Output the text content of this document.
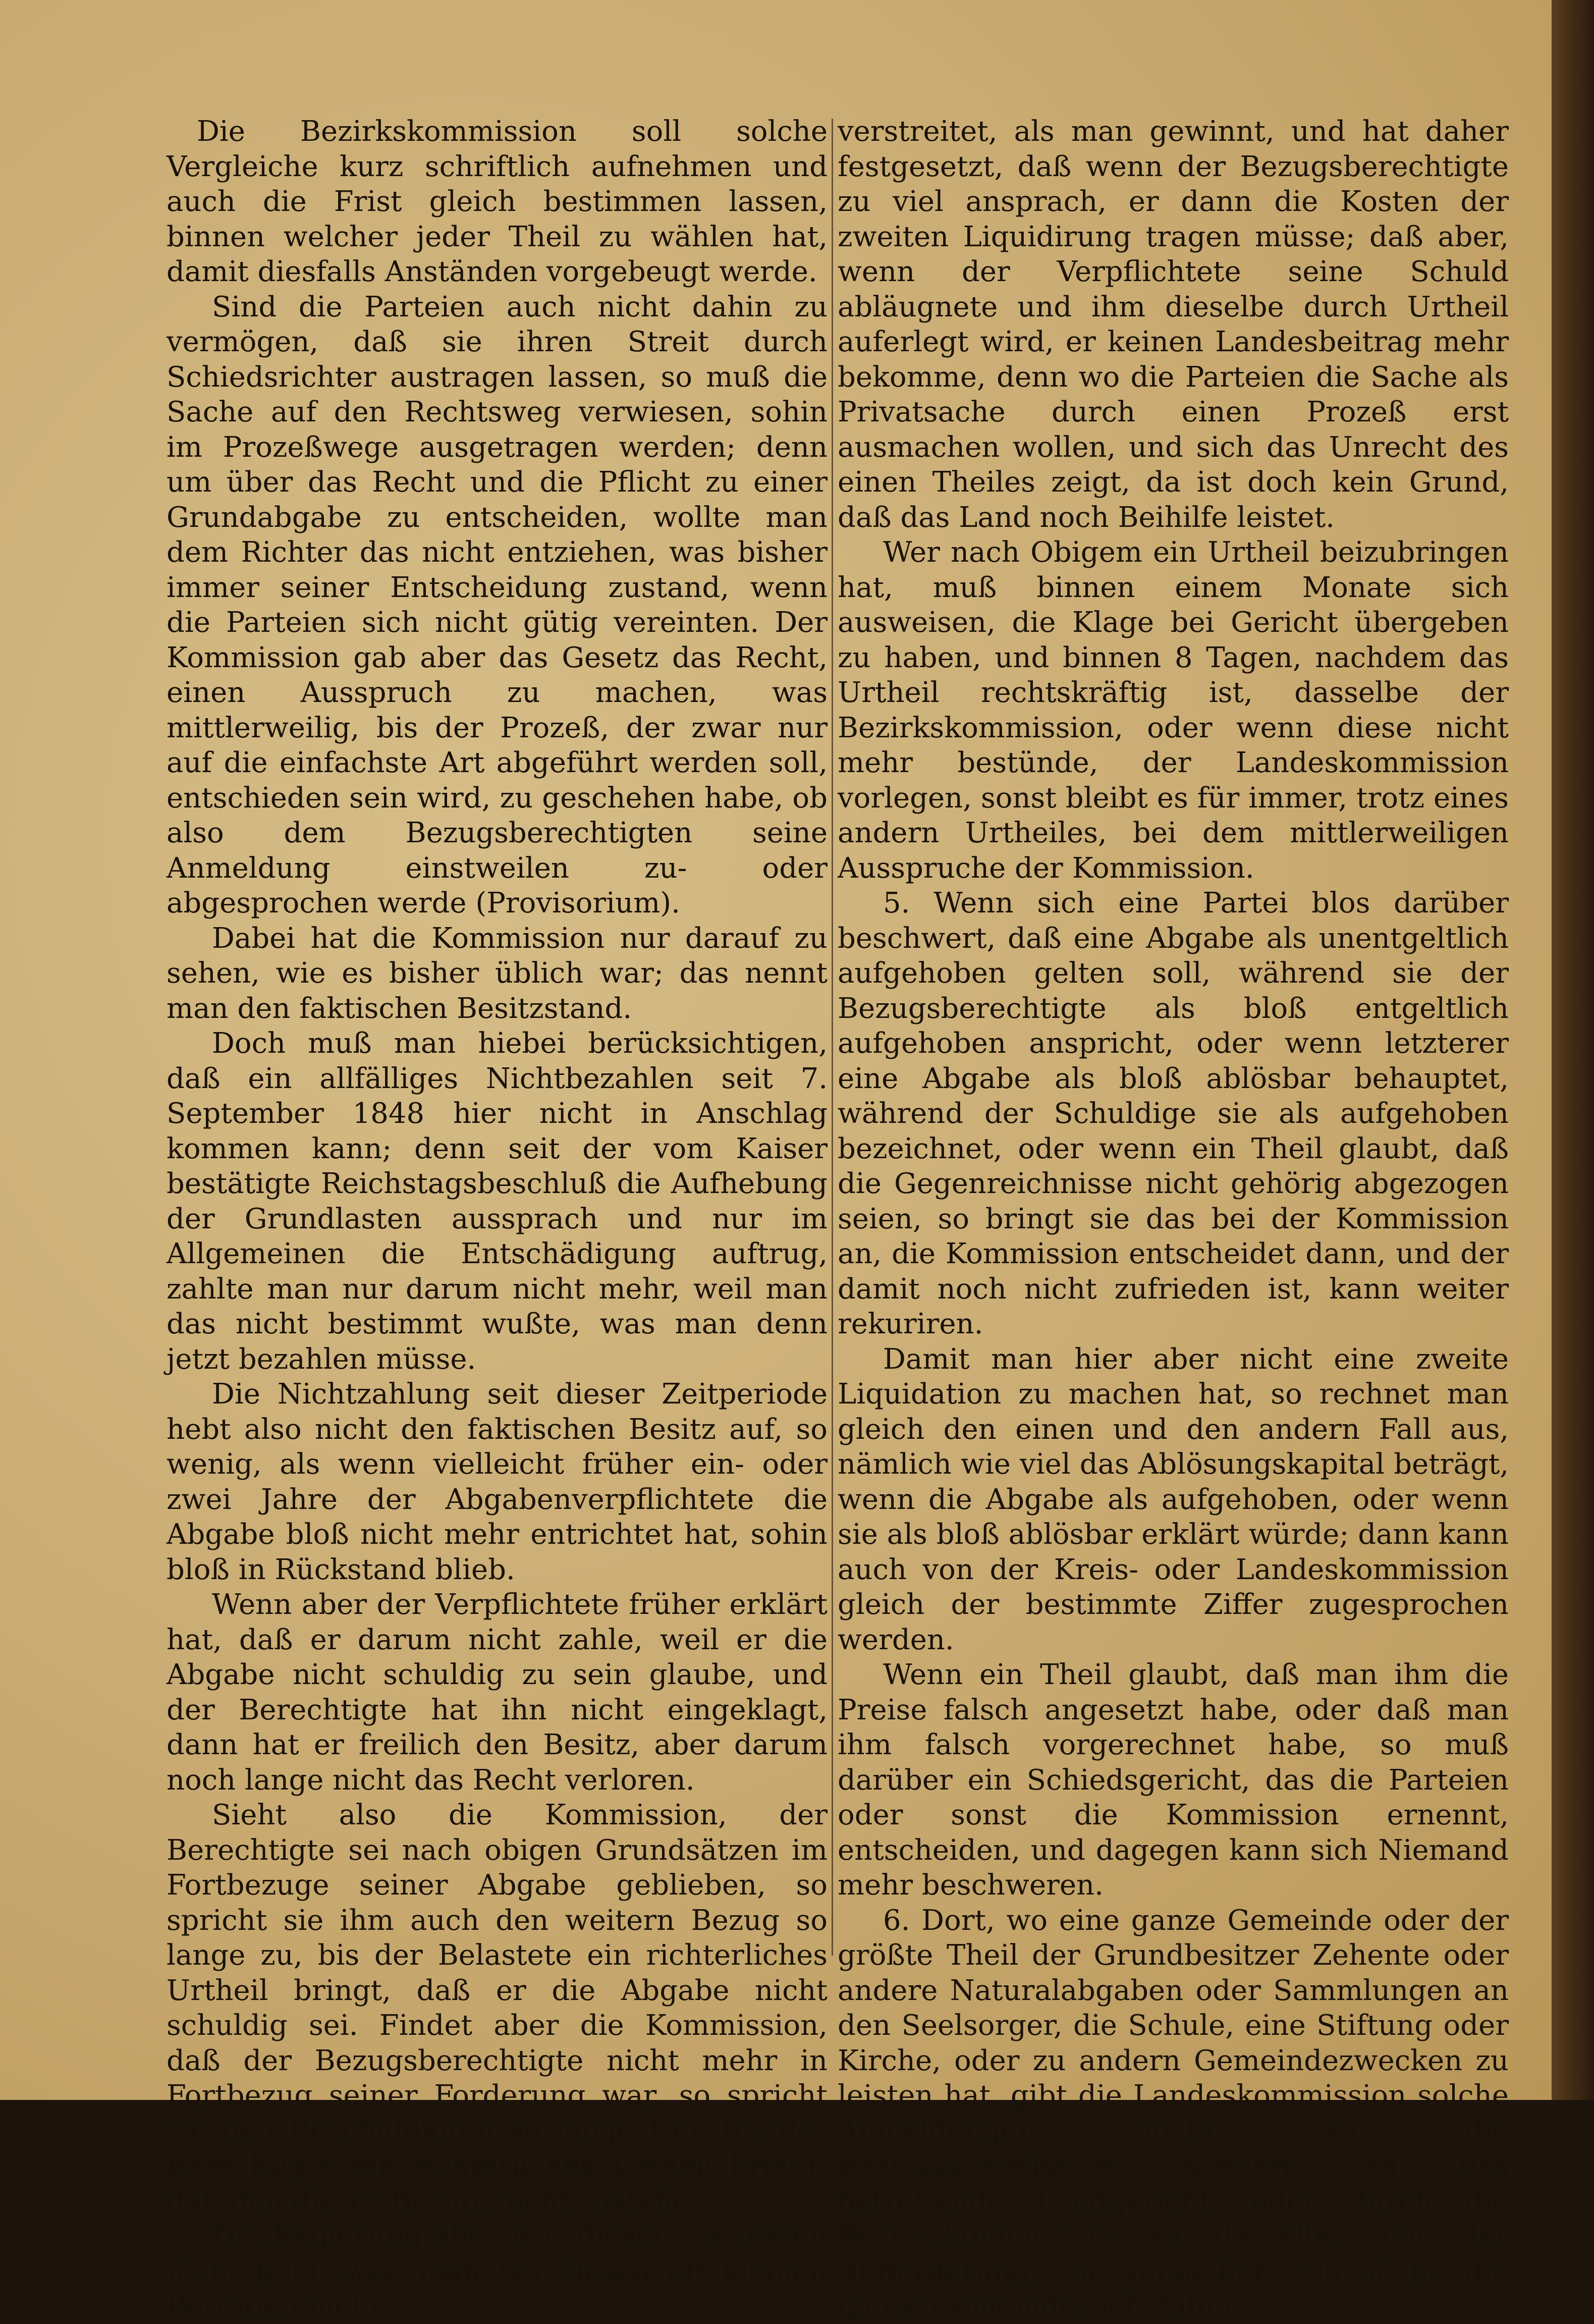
Die Bezirkskommission soll solche Vergleiche kurz schriftlich aufnehmen und auch die Frist gleich bestimmen lassen, binnen welcher jeder Theil zu wählen hat, damit diesfalls Anständen vorgebeugt werde.

Sind die Parteien auch nicht dahin zu vermögen, daß sie ihren Streit durch Schiedsrichter austragen lassen, so muß die Sache auf den Rechtsweg verwiesen, sohin im Prozeßwege ausgetragen werden; denn um über das Recht und die Pflicht zu einer Grundabgabe zu entscheiden, wollte man dem Richter das nicht entziehen, was bisher immer seiner Entscheidung zustand, wenn die Parteien sich nicht gütig vereinten. Der Kommission gab aber das Gesetz das Recht, einen Ausspruch zu machen, was mittlerweilig, bis der Prozeß, der zwar nur auf die einfachste Art abgeführt werden soll, entschieden sein wird, zu geschehen habe, ob also dem Bezugsberechtigten seine Anmeldung einstweilen zu- oder abgesprochen werde (Provisorium).

Dabei hat die Kommission nur darauf zu sehen, wie es bisher üblich war; das nennt man den faktischen Besitzstand.

Doch muß man hiebei berücksichtigen, daß ein allfälliges Nichtbezahlen seit 7. September 1848 hier nicht in Anschlag kommen kann; denn seit der vom Kaiser bestätigte Reichstagsbeschluß die Aufhebung der Grundlasten aussprach und nur im Allgemeinen die Entschädigung auftrug, zahlte man nur darum nicht mehr, weil man das nicht bestimmt wußte, was man denn jetzt bezahlen müsse.

Die Nichtzahlung seit dieser Zeitperiode hebt also nicht den faktischen Besitz auf, so wenig, als wenn vielleicht früher ein- oder zwei Jahre der Abgabenverpflichtete die Abgabe bloß nicht mehr entrichtet hat, sohin bloß in Rückstand blieb.

Wenn aber der Verpflichtete früher erklärt hat, daß er darum nicht zahle, weil er die Abgabe nicht schuldig zu sein glaube, und der Berechtigte hat ihn nicht eingeklagt, dann hat er freilich den Besitz, aber darum noch lange nicht das Recht verloren.

Sieht also die Kommission, der Berechtigte sei nach obigen Grundsätzen im Fortbezuge seiner Abgabe geblieben, so spricht sie ihm auch den weitern Bezug so lange zu, bis der Belastete ein richterliches Urtheil bringt, daß er die Abgabe nicht schuldig sei. Findet aber die Kommission, daß der Bezugsberechtigte nicht mehr in Fortbezug seiner Forderung war, so spricht sie den Beschuldigten so lange frei, bis der Berechtigte ein richterliches Urtheil bringt, daß ihm dieses Bezugsrecht zustehe.

Die Regierung aber war diesen Prozessen nicht hold, weil man bei diesen oft kleinen Beträgen mehr

verstreitet, als man gewinnt, und hat daher festgesetzt, daß wenn der Bezugsberechtigte zu viel ansprach, er dann die Kosten der zweiten Liquidirung tragen müsse; daß aber, wenn der Verpflichtete seine Schuld abläugnete und ihm dieselbe durch Urtheil auferlegt wird, er keinen Landesbeitrag mehr bekomme, denn wo die Parteien die Sache als Privatsache durch einen Prozeß erst ausmachen wollen, und sich das Unrecht des einen Theiles zeigt, da ist doch kein Grund, daß das Land noch Beihilfe leistet.

Wer nach Obigem ein Urtheil beizubringen hat, muß binnen einem Monate sich ausweisen, die Klage bei Gericht übergeben zu haben, und binnen 8 Tagen, nachdem das Urtheil rechtskräftig ist, dasselbe der Bezirkskommission, oder wenn diese nicht mehr bestünde, der Landeskommission vorlegen, sonst bleibt es für immer, trotz eines andern Urtheiles, bei dem mittlerweiligen Ausspruche der Kommission.

5. Wenn sich eine Partei blos darüber beschwert, daß eine Abgabe als unentgeltlich aufgehoben gelten soll, während sie der Bezugsberechtigte als bloß entgeltlich aufgehoben anspricht, oder wenn letzterer eine Abgabe als bloß ablösbar behauptet, während der Schuldige sie als aufgehoben bezeichnet, oder wenn ein Theil glaubt, daß die Gegenreichnisse nicht gehörig abgezogen seien, so bringt sie das bei der Kommission an, die Kommission entscheidet dann, und der damit noch nicht zufrieden ist, kann weiter rekuriren.

Damit man hier aber nicht eine zweite Liquidation zu machen hat, so rechnet man gleich den einen und den andern Fall aus, nämlich wie viel das Ablösungskapital beträgt, wenn die Abgabe als aufgehoben, oder wenn sie als bloß ablösbar erklärt würde; dann kann auch von der Kreis- oder Landeskommission gleich der bestimmte Ziffer zugesprochen werden.

Wenn ein Theil glaubt, daß man ihm die Preise falsch angesetzt habe, oder daß man ihm falsch vorgerechnet habe, so muß darüber ein Schiedsgericht, das die Parteien oder sonst die Kommission ernennt, entscheiden, und dagegen kann sich Niemand mehr beschweren.

6. Dort, wo eine ganze Gemeinde oder der größte Theil der Grundbesitzer Zehente oder andere Naturalabgaben oder Sammlungen an den Seelsorger, die Schule, eine Stiftung oder Kirche, oder zu andern Gemeindezwecken zu leisten hat, gibt die Landeskommission solche Anmeldungen nicht an die Bezirkskommission, sondern an das betreffende Landgericht, oder durch die Bezirkskommission an dasselbe, mit der Aufforderung, zu versuchen, ob nicht die ganze Gemeinde sich dahin
